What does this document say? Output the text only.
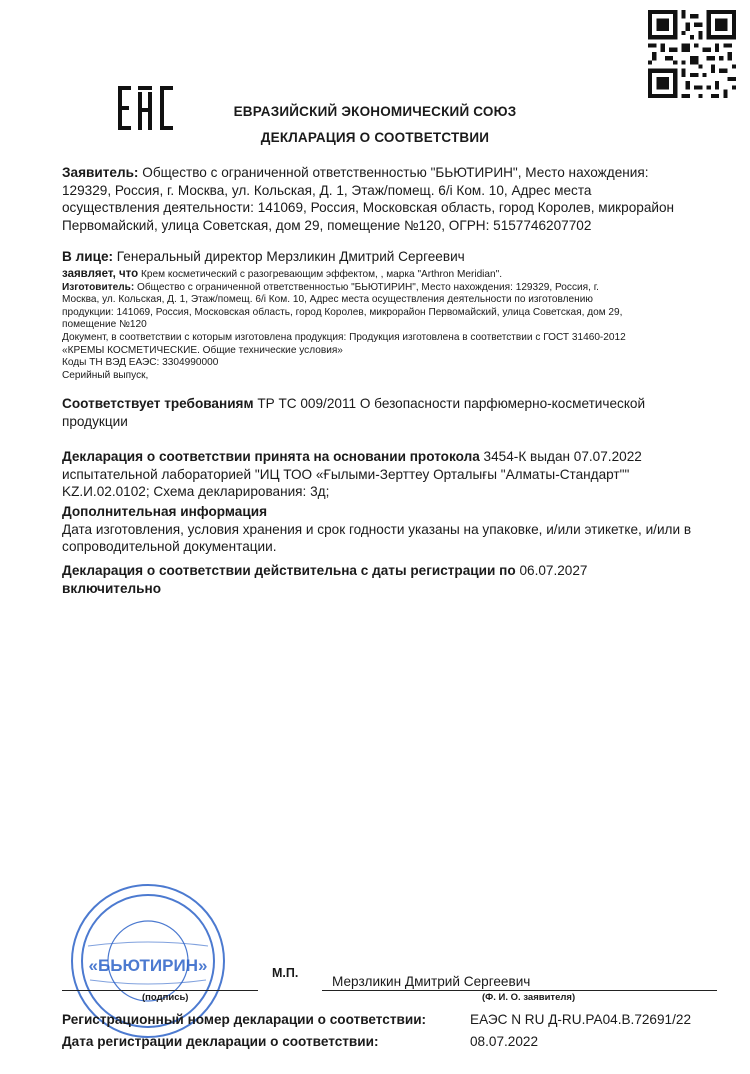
ЕВРАЗИЙСКИЙ ЭКОНОМИЧЕСКИЙ СОЮЗ
ДЕКЛАРАЦИЯ О СООТВЕТСТВИИ
Заявитель: Общество с ограниченной ответственностью "БЬЮТИРИН", Место нахождения:
129329, Россия, г. Москва, ул. Кольская, Д. 1, Этаж/помещ. 6/i Ком. 10, Адрес места
осуществления деятельности: 141069, Россия, Московская область, город Королев, микрорайон
Первомайский, улица Советская, дом 29, помещение №120, ОГРН: 5157746207702
В лице: Генеральный директор Мерзликин Дмитрий Сергеевич
заявляет, что Крем косметический с разогревающим эффектом, , марка "Arthron Meridian".
Изготовитель: Общество с ограниченной ответственностью "БЬЮТИРИН", Место нахождения: 129329, Россия, г.
Москва, ул. Кольская, Д. 1, Этаж/помещ. 6/i Ком. 10, Адрес места осуществления деятельности по изготовлению
продукции: 141069, Россия, Московская область, город Королев, микрорайон Первомайский, улица Советская, дом 29,
помещение №120
Документ, в соответствии с которым изготовлена продукция: Продукция изготовлена в соответствии с ГОСТ 31460-2012
«КРЕМЫ КОСМЕТИЧЕСКИЕ. Общие технические условия»
Коды ТН ВЭД ЕАЭС: 3304990000
Серийный выпуск,
Соответствует требованиям ТР ТС 009/2011 О безопасности парфюмерно-косметической
продукции
Декларация о соответствии принята на основании протокола 3454-К выдан 07.07.2022
испытательной лабораторией "ИЦ ТОО «Ғылыми-Зерттеу Орталығы "Алматы-Стандарт""
KZ.И.02.0102; Схема декларирования: 3д;
Дополнительная информация
Дата изготовления, условия хранения и срок годности указаны на упаковке, и/или этикетке, и/или в
сопроводительной документации.
Декларация о соответствии действительна с даты регистрации по 06.07.2027
включительно
«БЬЮТИРИН»	М.П.
(подпись)
Мерзликин Дмитрий Сергеевич
(Ф. И. О. заявителя)
Регистрационный номер декларации о соответствии:	ЕАЭС N RU Д-RU.РА04.В.72691/22
Дата регистрации декларации о соответствии:	08.07.2022
